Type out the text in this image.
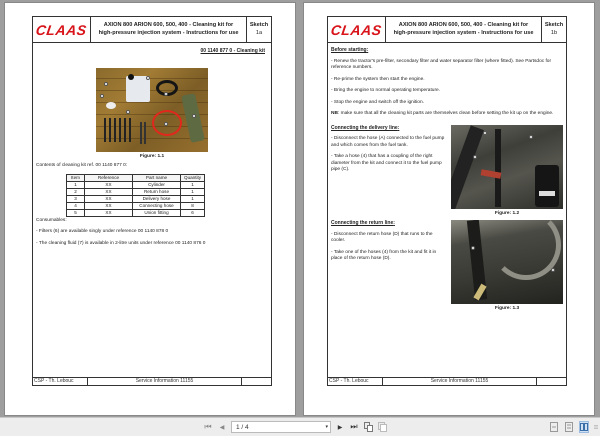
CLAAS	AXION 800 ARION 600, 500, 400 - Cleaning kit for
high-pressure injection system - Instructions for use
Sketch
1a
00 1140 877 0 - Cleaning kit
Figure: 1.1
Contents of cleaning kit ref. 00 1140 877 0:
Item	Reference	Part name	Quantity
1	XX	Cylinder	1
2	XX	Return hose	1
3	XX	Delivery hose	1
4	XX	Connecting hose	8
5	XX	Union fitting	6
Consumables:
- Filters (6) are available singly under reference 00 1140 878 0
- The cleaning fluid (7) is available in 2-litre units under reference 00 1140 876 0
CSP - Th. Lebouc	Service Information 11155
CLAAS	AXION 800 ARION 600, 500, 400 - Cleaning kit for
high-pressure injection system - Instructions for use
Sketch
1b
Before starting:
- Renew the tractor's pre-filter, secondary filter and water separator filter (where fitted). See Partsdoc for reference numbers.
- Re-prime the system then start the engine.
- Bring the engine to normal operating temperature.
- Stop the engine and switch off the ignition.
NB: make sure that all the cleaning kit parts are themselves clean before setting the kit up on the engine.
Connecting the delivery line:
- Disconnect the hose (A) connected to the fuel pump and which comes from the fuel tank.
- Take a hose (4) that has a coupling of the right diameter from the kit and connect it to the fuel pump pipe (C).
Figure: 1.2
Connecting the return line:
- Disconnect the return hose (D) that runs to the cooler.
- Take one of the hoses (4) from the kit and fit it in place of the return hose (D).
Figure: 1.3
CSP - Th. Lebouc	Service Information 11155
⏮	◀	1 / 4	▾	▶	⏭
